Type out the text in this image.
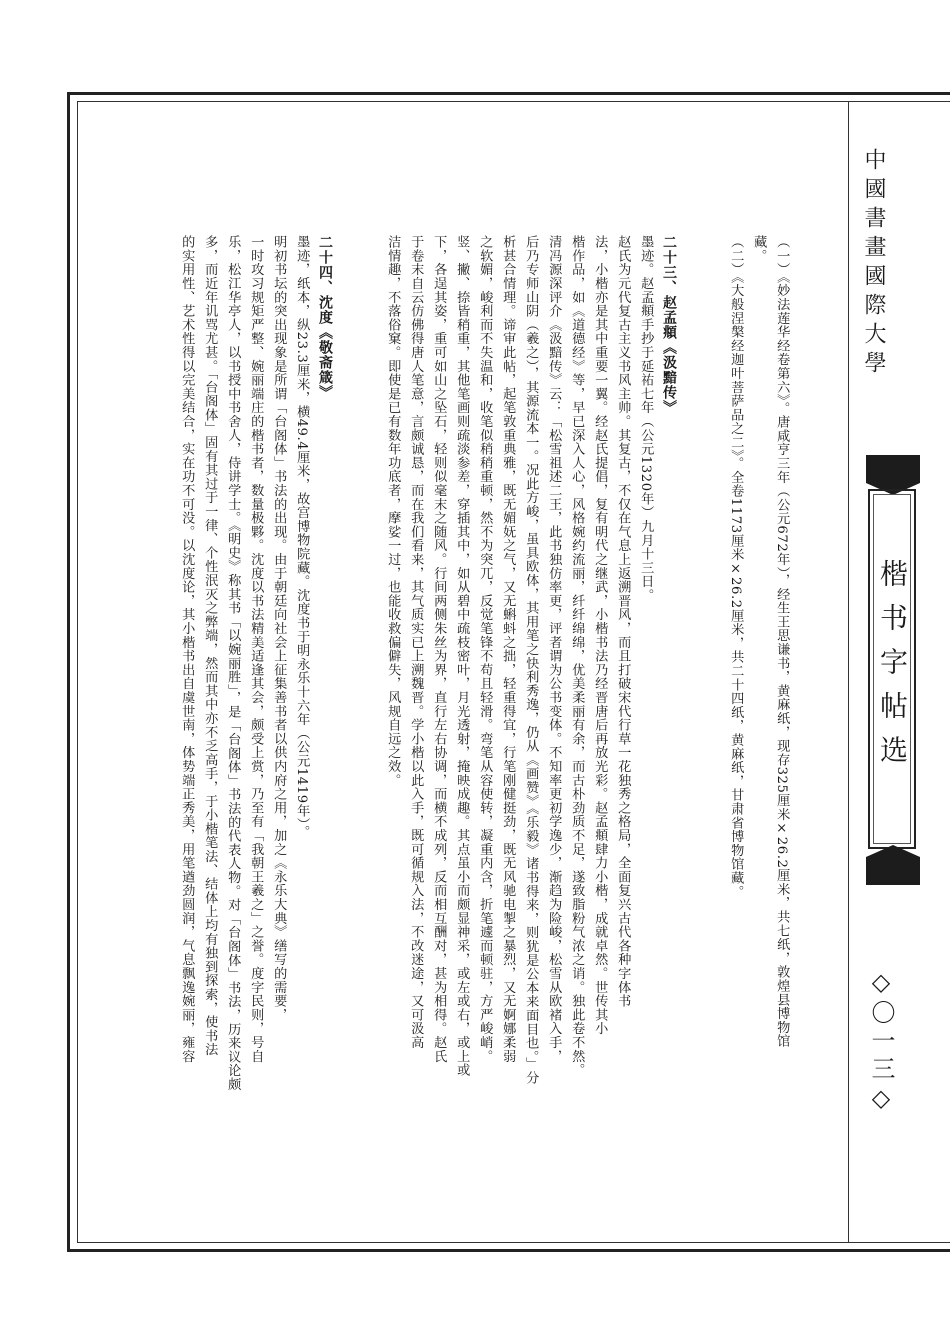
中國書畫國際大學
楷书字帖选
◇〇一三◇
（一）《妙法莲华经卷第六》。唐咸亨三年（公元672年），经生王思谦书，黄麻纸，现存325厘米×26.2厘米，共七纸，敦煌县博物馆
藏。
（二）《大般涅槃经迦叶菩萨品之二》。全卷1173厘米×26.2厘米，共二十四纸，黄麻纸，甘肃省博物馆藏。
二十三、赵孟頫《汲黯传》
墨迹。赵孟頫手抄于延祐七年（公元1320年）九月十三日。
赵氏为元代复古主义书风主帅。其复古，不仅在气息上返溯晋风，而且打破宋代行草一花独秀之格局，全面复兴古代各种字体书
法，小楷亦是其中重要一翼。经赵氏提倡，复有明代之继武，小楷书法乃经晋唐后再放光彩。赵孟頫肆力小楷，成就卓然。世传其小
楷作品，如《道德经》等，早已深入人心，风格婉约流丽，纤纤绵绵，优美柔丽有余，而古朴劲质不足，遂致脂粉气浓之诮。独此卷不然。
清冯源深评介《汲黯传》云：「松雪祖述二王，此书独仿率更，评者谓为公书变体。不知率更初学逸少，渐趋为险峻，松雪从欧褚入手，
后乃专师山阴（羲之），其源流本一。况此方峻，虽具欧体，其用笔之快利秀逸，仍从《画赞》《乐毅》诸书得来，则犹是公本来面目也。」分
析甚合情理。谛审此帖，起笔敦重典雅，既无媚妩之气，又无蝌蚪之拙，轻重得宜，行笔刚健挺劲，既无风驰电掣之暴烈，又无婀娜柔弱
之软媚，峻利而不失温和，收笔似稍稍重顿，然不为突兀，反觉笔锋不苟且轻滑。弯笔从容使转，凝重内含，折笔遽而顿驻，方严峻峭。
竖、撇、捺皆稍重，其他笔画则疏淡参差，穿插其中，如从碧中疏枝密叶，月光透射，掩映成趣。其点虽小而颇显神采，或左或右，或上或
下，各逞其姿，重可如山之坠石，轻则似毫末之随风。行间两侧朱丝为界，直行左右协调，而横不成列，反而相互酬对，甚为相得。赵氏
于卷末自云仿佛得唐人笔意，言颇诚恳，而在我们看来，其气质实已上溯魏晋。学小楷以此入手，既可循规入法，不改迷途，又可汲高
洁情趣，不落俗窠。即使是已有数年功底者，摩娑一过，也能收救偏僻失，风规自远之效。
二十四、沈度《敬斋箴》
墨迹，纸本，纵23.3厘米，横49.4厘米，故宫博物院藏。沈度书于明永乐十六年（公元1419年）。
明初书坛的突出现象是所谓「台阁体」书法的出现。由于朝廷向社会上征集善书者以供内府之用，加之《永乐大典》缮写的需要，
一时攻习规矩严整、婉丽端庄的楷书者，数量极夥。沈度以书法精美适逢其会，颇受上赏，乃至有「我朝王羲之」之誉。度字民则，号自
乐，松江华亭人，以书授中书舍人，侍讲学士。《明史》称其书「以婉丽胜」，是「台阁体」书法的代表人物。对「台阁体」书法，历来议论颇
多，而近年讥骂尤甚。「台阁体」固有其过于一律、个性泯灭之弊端，然而其中亦不乏高手，于小楷笔法、结体上均有独到探索，使书法
的实用性、艺术性得以完美结合，实在功不可没。以沈度论，其小楷书出自虞世南，体势端正秀美，用笔遒劲圆润，气息飘逸婉丽，雍容
